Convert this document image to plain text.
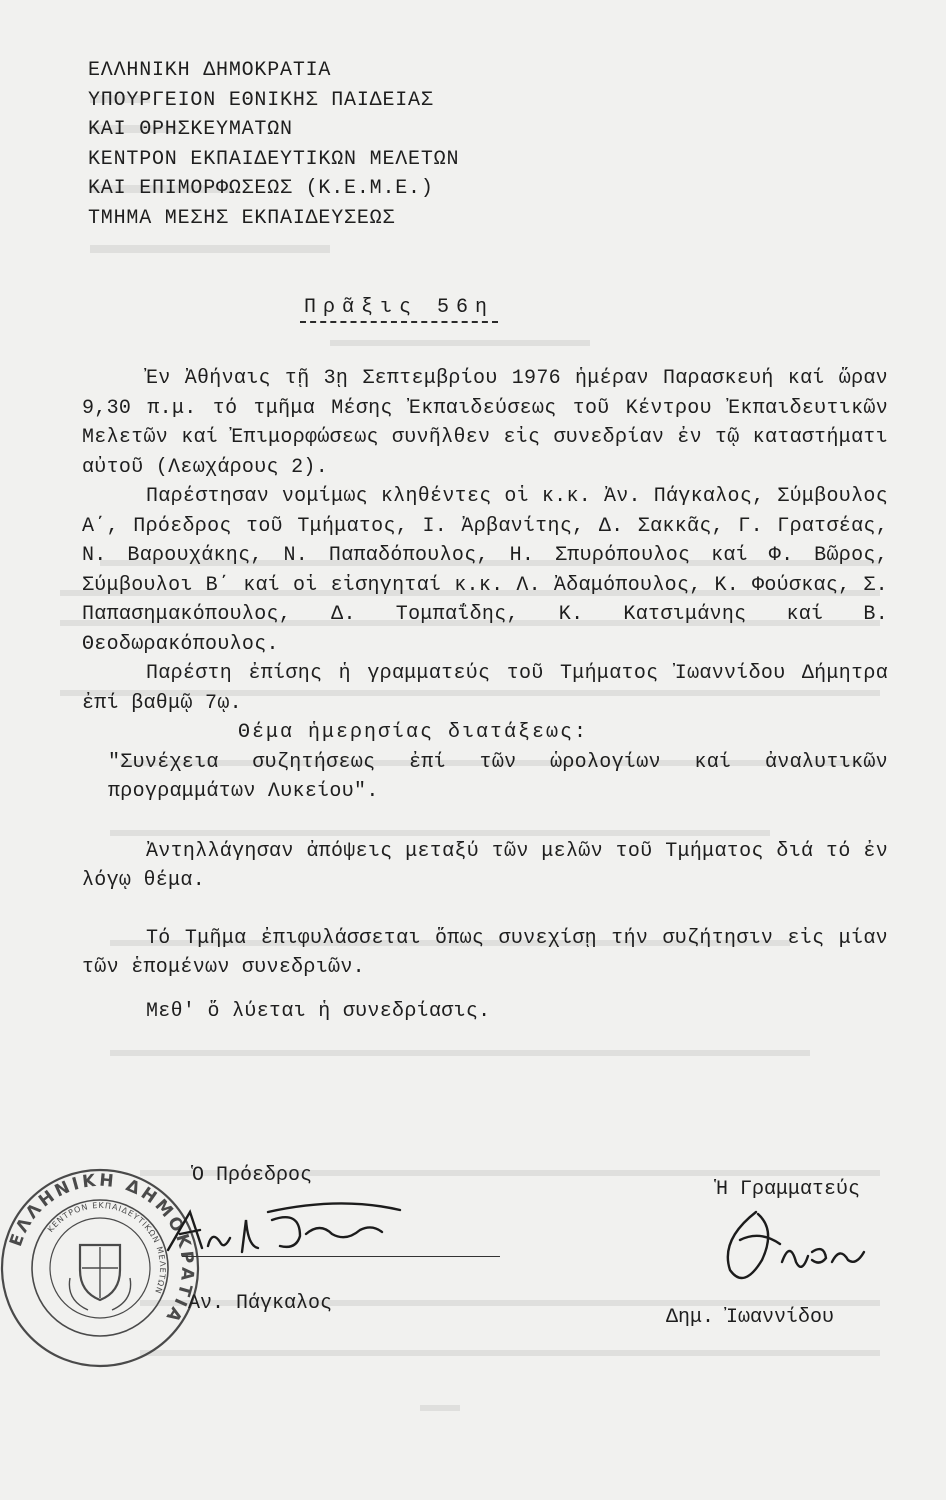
ΕΛΛΗΝΙΚΗ ΔΗΜΟΚΡΑΤΙΑ
ΥΠΟΥΡΓΕΙΟΝ ΕΘΝΙΚΗΣ ΠΑΙΔΕΙΑΣ
ΚΑΙ ΘΡΗΣΚΕΥΜΑΤΩΝ
ΚΕΝΤΡΟΝ ΕΚΠΑΙΔΕΥΤΙΚΩΝ ΜΕΛΕΤΩΝ
ΚΑΙ ΕΠΙΜΟΡΦΩΣΕΩΣ (Κ.Ε.Μ.Ε.)
ΤΜΗΜΑ ΜΕΣΗΣ ΕΚΠΑΙΔΕΥΣΕΩΣ
Πρᾶξις 56η

Ἐν Ἀθήναις τῇ 3ῃ Σεπτεμβρίου 1976 ἡμέραν Παρασκευή καί ὥραν 9,30 π.μ. τό τμῆμα Μέσης Ἐκπαιδεύσεως τοῦ Κέντρου Ἐκπαιδευτικῶν Μελετῶν καί Ἐπιμορφώσεως συνῆλθεν εἰς συνεδρίαν ἐν τῷ καταστήματι αὐτοῦ (Λεωχάρους 2).

Παρέστησαν νομίμως κληθέντες οἱ κ.κ. Ἀν. Πάγκαλος, Σύμβουλος Α΄, Πρόεδρος τοῦ Τμήματος, Ι. Ἀρβανίτης, Δ. Σακκᾶς, Γ. Γρατσέας, Ν. Βαρουχάκης, Ν. Παπαδόπουλος, Η. Σπυρόπουλος καί Φ. Βῶρος, Σύμβουλοι Β΄ καί οἱ εἰσηγηταί κ.κ. Λ. Ἀδαμόπουλος, Κ. Φούσκας, Σ. Παπασημακόπουλος, Δ. Τομπαΐδης, Κ. Κατσιμάνης καί Β. Θεοδωρακόπουλος.

Παρέστη ἐπίσης ἡ γραμματεύς τοῦ Τμήματος Ἰωαννίδου Δήμητρα ἐπί βαθμῷ 7ῳ.

Θέμα ἡμερησίας διατάξεως:

"Συνέχεια συζητήσεως ἐπί τῶν ὡρολογίων καί ἀναλυτικῶν προγραμμάτων Λυκείου".

Ἀντηλλάγησαν ἀπόψεις μεταξύ τῶν μελῶν τοῦ Τμήματος διά τό ἐν λόγῳ θέμα.

Τό Τμῆμα ἐπιφυλάσσεται ὅπως συνεχίσῃ τήν συζήτησιν εἰς μίαν τῶν ἑπομένων συνεδριῶν.

Μεθ' ὅ λύεται ἡ συνεδρίασις.

ΕΛΛΗΝΙΚΗ ΔΗΜΟΚΡΑΤΙΑ
ΚΕΝΤΡΟΝ ΕΚΠΑΙΔΕΥΤΙΚΩΝ ΜΕΛΕΤΩΝ
Ὁ Πρόεδρος
Αν. Πάγκαλος
Ἡ Γραμματεύς
Δημ. Ἰωαννίδου
